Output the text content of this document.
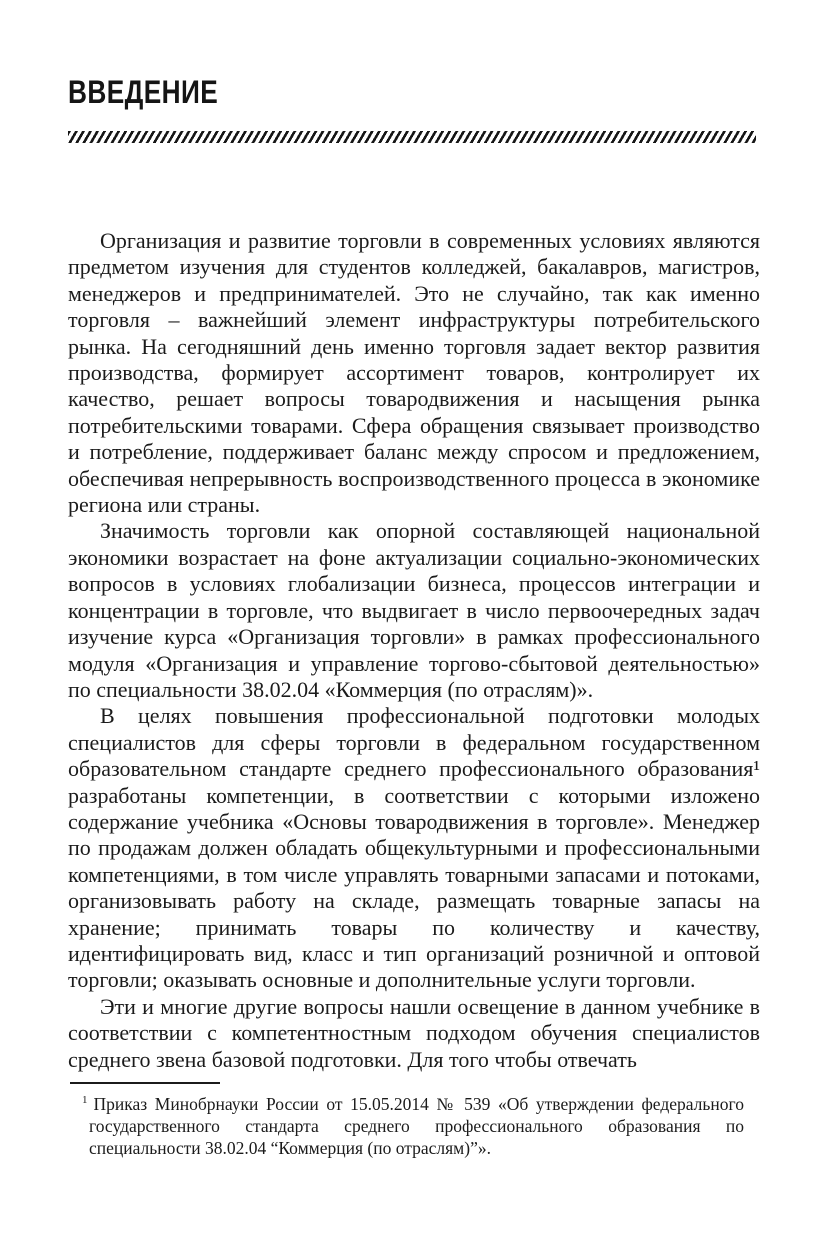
ВВЕДЕНИЕ

Организация и развитие торговли в современных условиях являются предметом изучения для студентов колледжей, бакалавров, магистров, менеджеров и предпринимателей. Это не случайно, так как именно торговля – важнейший элемент инфраструктуры потребительского рынка. На сегодняшний день именно торговля задает вектор развития производства, формирует ассортимент товаров, контролирует их качество, решает вопросы товародвижения и насыщения рынка потребительскими товарами. Сфера обращения связывает производство и потребление, поддерживает баланс между спросом и предложением, обеспечивая непрерывность воспроизводственного процесса в экономике региона или страны.

Значимость торговли как опорной составляющей национальной экономики возрастает на фоне актуализации социально-экономических вопросов в условиях глобализации бизнеса, процессов интеграции и концентрации в торговле, что выдвигает в число первоочередных задач изучение курса «Организация торговли» в рамках профессионального модуля «Организация и управление торгово-сбытовой деятельностью» по специальности 38.02.04 «Коммерция (по отраслям)».

В целях повышения профессиональной подготовки молодых специалистов для сферы торговли в федеральном государственном образовательном стандарте среднего профессионального образования¹ разработаны компетенции, в соответствии с которыми изложено содержание учебника «Основы товародвижения в торговле». Менеджер по продажам должен обладать общекультурными и профессиональными компетенциями, в том числе управлять товарными запасами и потоками, организовывать работу на складе, размещать товарные запасы на хранение; принимать товары по количеству и качеству, идентифицировать вид, класс и тип организаций розничной и оптовой торговли; оказывать основные и дополнительные услуги торговли.

Эти и многие другие вопросы нашли освещение в данном учебнике в соответствии с компетентностным подходом обучения специалистов среднего звена базовой подготовки. Для того чтобы отвечать

$^1$ Приказ Минобрнауки России от 15.05.2014 № 539 «Об утверждении федерального государственного стандарта среднего профессионального образования по специальности 38.02.04 “Коммерция (по отраслям)”».
